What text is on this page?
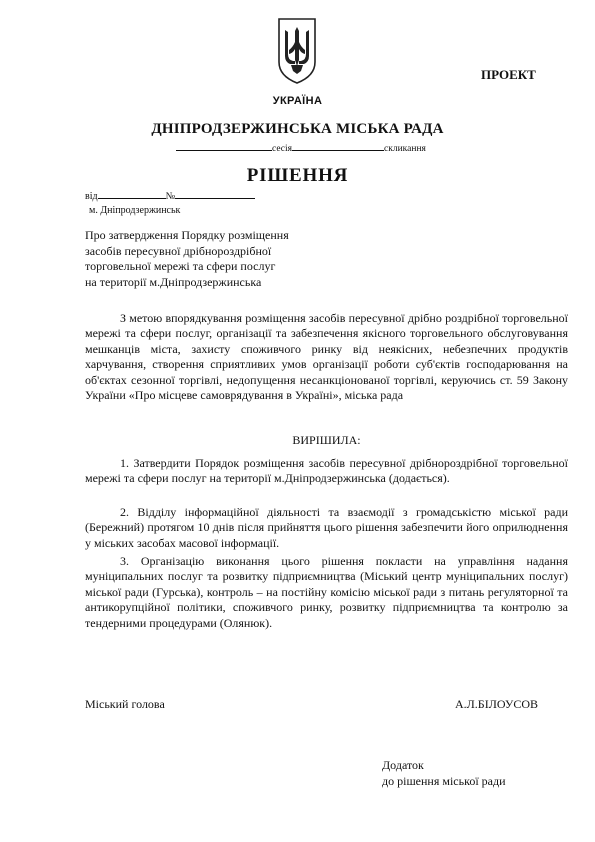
УКРАЇНА
ПРОЕКТ
ДНІПРОДЗЕРЖИНСЬКА МІСЬКА РАДА
сесія	скликання
РІШЕННЯ
від	№
м. Дніпродзержинськ
Про затвердження Порядку розміщення
засобів пересувної дрібнороздрібної
торговельної мережі та сфери послуг
на території м.Дніпродзержинська
З метою впорядкування розміщення засобів пересувної дрібно роздрібної торговельної мережі та сфери послуг, організації та забезпечення якісного торговельного обслуговування мешканців міста, захисту споживчого ринку від неякісних, небезпечних продуктів харчування, створення сприятливих умов організації роботи суб'єктів господарювання на об'єктах сезонної торгівлі, недопущення несанкціонованої торгівлі, керуючись ст. 59 Закону України «Про місцеве самоврядування в Україні», міська рада
ВИРІШИЛА:
1. Затвердити Порядок розміщення засобів пересувної дрібнороздрібної торговельної мережі та сфери послуг на території м.Дніпродзержинська (додається).
2. Відділу інформаційної діяльності та взаємодії з громадськістю міської ради (Бережний) протягом 10 днів після прийняття цього рішення забезпечити його оприлюднення у міських засобах масової інформації.
3. Організацію виконання цього рішення покласти на управління надання муніципальних послуг та розвитку підприємництва (Міський центр муніципальних послуг) міської ради (Гурська), контроль – на постійну комісію міської ради з питань регуляторної та антикорупційної політики, споживчого ринку, розвитку підприємництва та контролю за тендерними процедурами (Олянюк).
Міський голова	А.Л.БІЛОУСОВ
Додаток
до рішення міської ради
